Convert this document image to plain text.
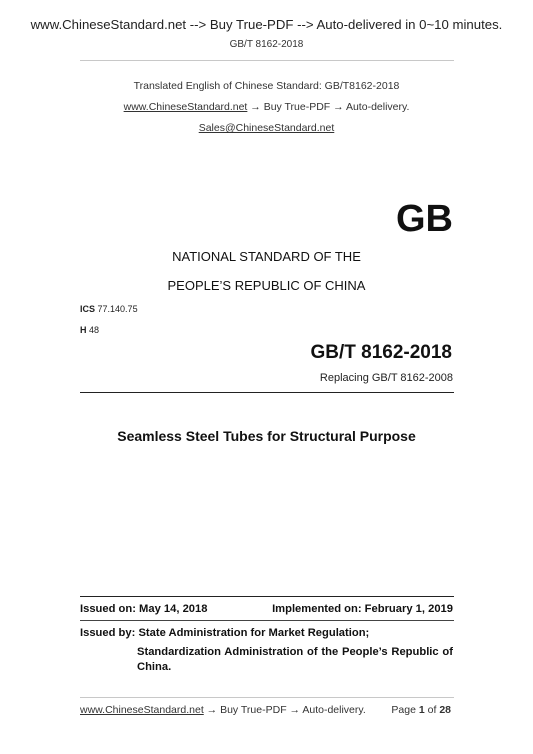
www.ChineseStandard.net --> Buy True-PDF --> Auto-delivered in 0~10 minutes.
GB/T 8162-2018
Translated English of Chinese Standard: GB/T8162-2018
www.ChineseStandard.net → Buy True-PDF → Auto-delivery.
Sales@ChineseStandard.net
GB
NATIONAL STANDARD OF THE
PEOPLE’S REPUBLIC OF CHINA
ICS 77.140.75
H 48
GB/T 8162-2018
Replacing GB/T 8162-2008
Seamless Steel Tubes for Structural Purpose
Issued on: May 14, 2018	Implemented on: February 1, 2019
Issued by: State Administration for Market Regulation;
Standardization Administration of the People’s Republic of China.
www.ChineseStandard.net → Buy True-PDF → Auto-delivery. Page 1 of 28
